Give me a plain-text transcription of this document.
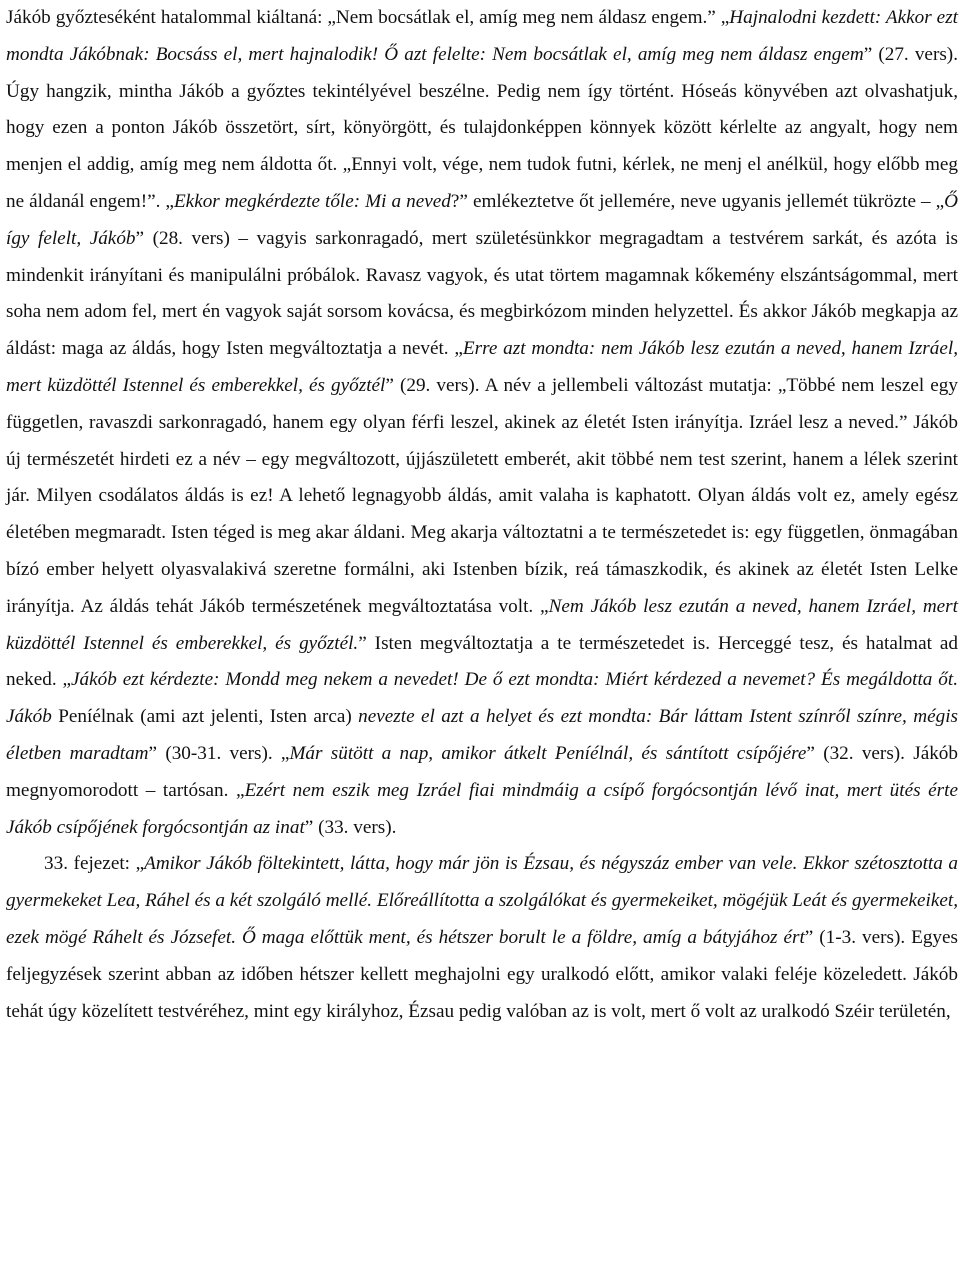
Jákób győzteséként hatalommal kiáltaná: „Nem bocsátlak el, amíg meg nem áldasz engem.” „Hajnalodni kezdett: Akkor ezt mondta Jákóbnak: Bocsáss el, mert hajnalodik! Ő azt felelte: Nem bocsátlak el, amíg meg nem áldasz engem” (27. vers). Úgy hangzik, mintha Jákób a győztes tekintélyével beszélne. Pedig nem így történt. Hóseás könyvében azt olvashatjuk, hogy ezen a ponton Jákób összetört, sírt, könyörgött, és tulajdonképpen könnyek között kérlelte az angyalt, hogy nem menjen el addig, amíg meg nem áldotta őt. „Ennyi volt, vége, nem tudok futni, kérlek, ne menj el anélkül, hogy előbb meg ne áldanál engem!”. „Ekkor megkérdezte tőle: Mi a neved?” emlékeztetve őt jellemére, neve ugyanis jellemét tükrözte – „Ő így felelt, Jákób” (28. vers) – vagyis sarkonragadó, mert születésünkkor megragadtam a testvérem sarkát, és azóta is mindenkit irányítani és manipulálni próbálok. Ravasz vagyok, és utat törtem magamnak kőkemény elszántságommal, mert soha nem adom fel, mert én vagyok saját sorsom kovácsa, és megbirkózom minden helyzettel. És akkor Jákób megkapja az áldást: maga az áldás, hogy Isten megváltoztatja a nevét. „Erre azt mondta: nem Jákób lesz ezután a neved, hanem Izráel, mert küzdöttél Istennel és emberekkel, és győztél” (29. vers). A név a jellembeli változást mutatja: „Többé nem leszel egy független, ravaszdi sarkonragadó, hanem egy olyan férfi leszel, akinek az életét Isten irányítja. Izráel lesz a neved.” Jákób új természetét hirdeti ez a név – egy megváltozott, újjászületett emberét, akit többé nem test szerint, hanem a lélek szerint jár. Milyen csodálatos áldás is ez! A lehető legnagyobb áldás, amit valaha is kaphatott. Olyan áldás volt ez, amely egész életében megmaradt. Isten téged is meg akar áldani. Meg akarja változtatni a te természetedet is: egy független, önmagában bízó ember helyett olyasvalakivá szeretne formálni, aki Istenben bízik, reá támaszkodik, és akinek az életét Isten Lelke irányítja. Az áldás tehát Jákób természetének megváltoztatása volt. „Nem Jákób lesz ezután a neved, hanem Izráel, mert küzdöttél Istennel és emberekkel, és győztél.” Isten megváltoztatja a te természetedet is. Herceggé tesz, és hatalmat ad neked. „Jákób ezt kérdezte: Mondd meg nekem a nevedet! De ő ezt mondta: Miért kérdezed a nevemet? És megáldotta őt. Jákób Peníélnak (ami azt jelenti, Isten arca) nevezte el azt a helyet és ezt mondta: Bár láttam Istent színről színre, mégis életben maradtam” (30-31. vers). „Már sütött a nap, amikor átkelt Peníélnál, és sántított csípőjére” (32. vers). Jákób megnyomorodott – tartósan. „Ezért nem eszik meg Izráel fiai mindmáig a csípő forgócsontján lévő inat, mert ütés érte Jákób csípőjének forgócsontján az inat” (33. vers).

33. fejezet: „Amikor Jákób föltekintett, látta, hogy már jön is Ézsau, és négyszáz ember van vele. Ekkor szétosztotta a gyermekeket Lea, Ráhel és a két szolgáló mellé. Előreállította a szolgálókat és gyermekeiket, mögéjük Leát és gyermekeiket, ezek mögé Ráhelt és Józsefet. Ő maga előttük ment, és hétszer borult le a földre, amíg a bátyjához ért” (1-3. vers). Egyes feljegyzések szerint abban az időben hétszer kellett meghajolni egy uralkodó előtt, amikor valaki feléje közeledett. Jákób tehát úgy közelített testvéréhez, mint egy királyhoz, Ézsau pedig valóban az is volt, mert ő volt az uralkodó Széir területén,
